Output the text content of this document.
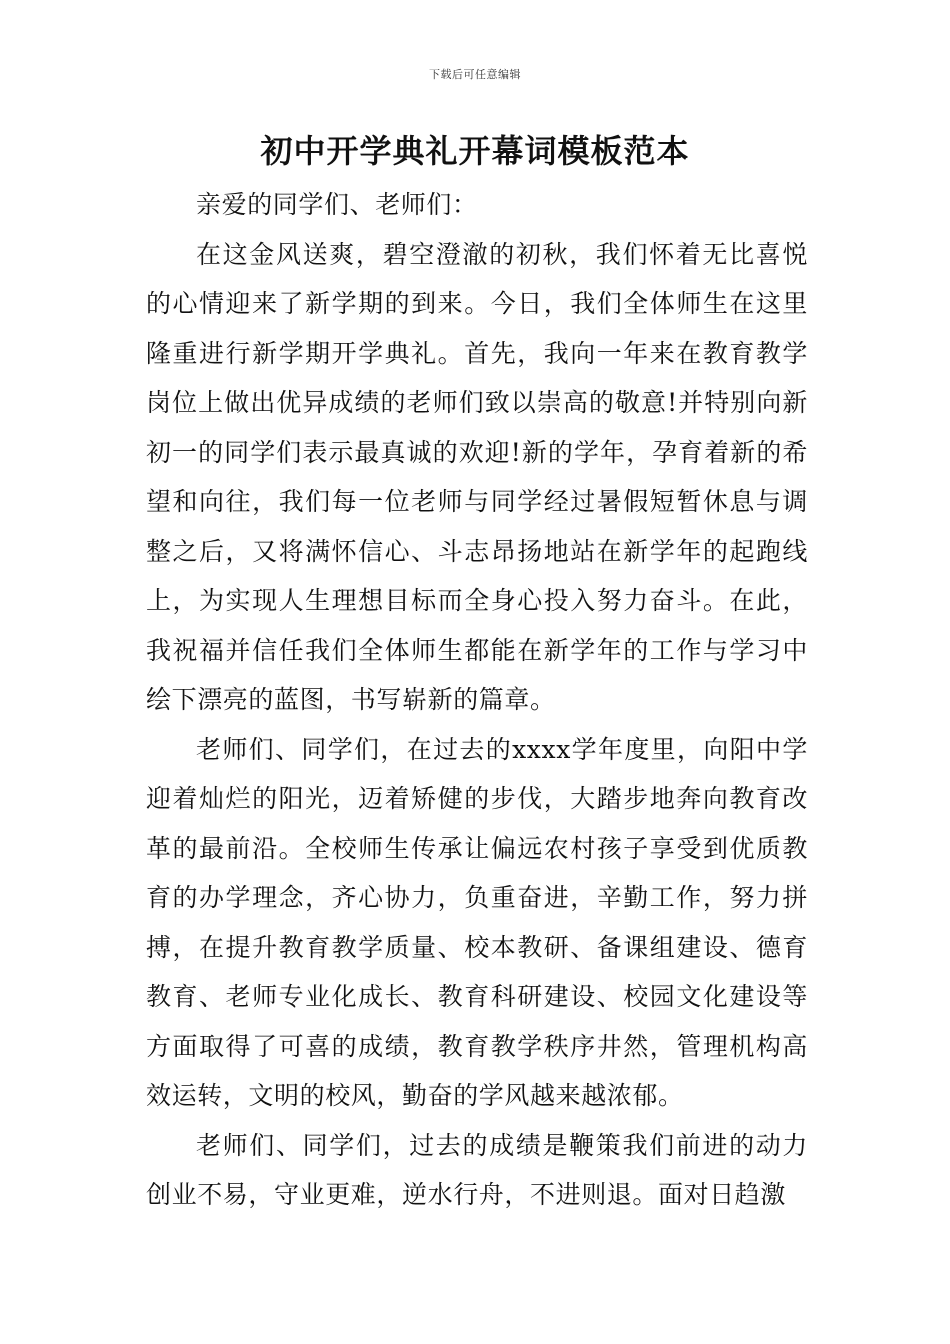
下载后可任意编辑
初中开学典礼开幕词模板范本

亲爱的同学们、老师们：

在这金风送爽，碧空澄澈的初秋，我们怀着无比喜悦的心情迎来了新学期的到来。今日，我们全体师生在这里隆重进行新学期开学典礼。首先，我向一年来在教育教学岗位上做出优异成绩的老师们致以崇高的敬意!并特别向新初一的同学们表示最真诚的欢迎!新的学年，孕育着新的希望和向往，我们每一位老师与同学经过暑假短暂休息与调整之后，又将满怀信心、斗志昂扬地站在新学年的起跑线上，为实现人生理想目标而全身心投入努力奋斗。在此，我祝福并信任我们全体师生都能在新学年的工作与学习中绘下漂亮的蓝图，书写崭新的篇章。

老师们、同学们，在过去的xxxx学年度里，向阳中学迎着灿烂的阳光，迈着矫健的步伐，大踏步地奔向教育改革的最前沿。全校师生传承让偏远农村孩子享受到优质教育的办学理念，齐心协力，负重奋进，辛勤工作，努力拼搏，在提升教育教学质量、校本教研、备课组建设、德育教育、老师专业化成长、教育科研建设、校园文化建设等方面取得了可喜的成绩，教育教学秩序井然，管理机构高效运转，文明的校风，勤奋的学风越来越浓郁。

老师们、同学们，过去的成绩是鞭策我们前进的动力创业不易，守业更难，逆水行舟，不进则退。面对日趋激
